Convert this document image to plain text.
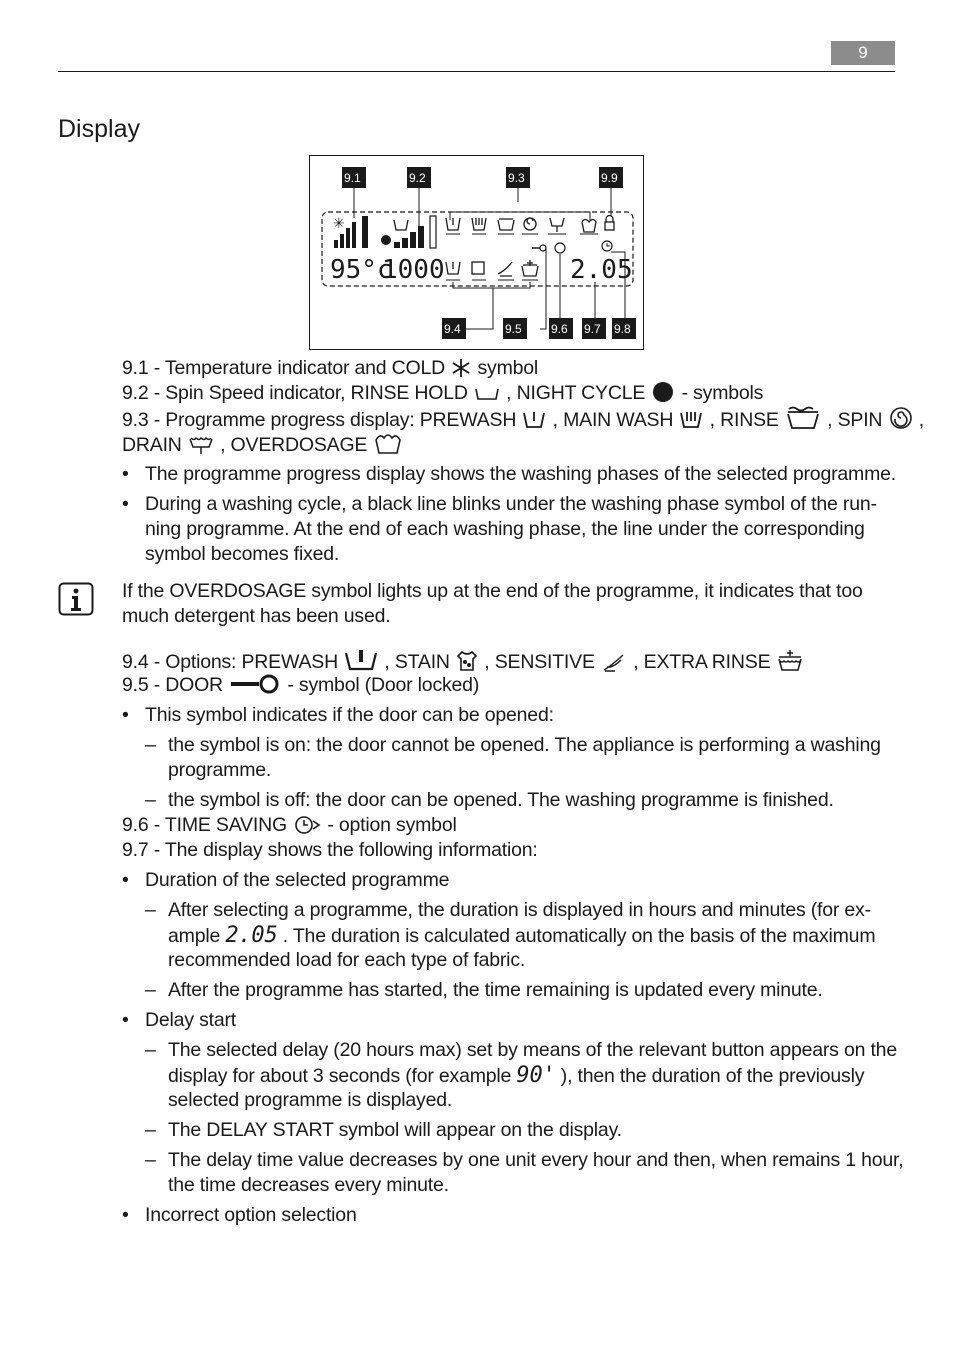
9
Display
9.1	9.2	9.3	9.9
✳
95°c
1000	2.05
9.4	9.5 9.6 9.7 9.8
9.1 - Temperature indicator and COLD  symbol
9.2 - Spin Speed indicator, RINSE HOLD  , NIGHT CYCLE  - symbols
9.3 - Programme progress display: PREWASH  , MAIN WASH  , RINSE  , SPIN  ,
DRAIN  , OVERDOSAGE
• The programme progress display shows the washing phases of the selected programme.
• During a washing cycle, a black line blinks under the washing phase symbol of the run-
ning programme. At the end of each washing phase, the line under the corresponding
symbol becomes fixed.
If the OVERDOSAGE symbol lights up at the end of the programme, it indicates that too
much detergent has been used.
9.4 - Options: PREWASH  , STAIN  , SENSITIVE  , EXTRA RINSE
9.5 - DOOR	- symbol (Door locked)
• This symbol indicates if the door can be opened:
– the symbol is on: the door cannot be opened. The appliance is performing a washing
programme.
– the symbol is off: the door can be opened. The washing programme is finished.
9.6 - TIME SAVING  - option symbol
9.7 - The display shows the following information:
• Duration of the selected programme
– After selecting a programme, the duration is displayed in hours and minutes (for ex-
ample 2.05 . The duration is calculated automatically on the basis of the maximum
recommended load for each type of fabric.
– After the programme has started, the time remaining is updated every minute.
• Delay start
– The selected delay (20 hours max) set by means of the relevant button appears on the
display for about 3 seconds (for example 90' ), then the duration of the previously
selected programme is displayed.
– The DELAY START symbol will appear on the display.
– The delay time value decreases by one unit every hour and then, when remains 1 hour,
the time decreases every minute.
• Incorrect option selection
